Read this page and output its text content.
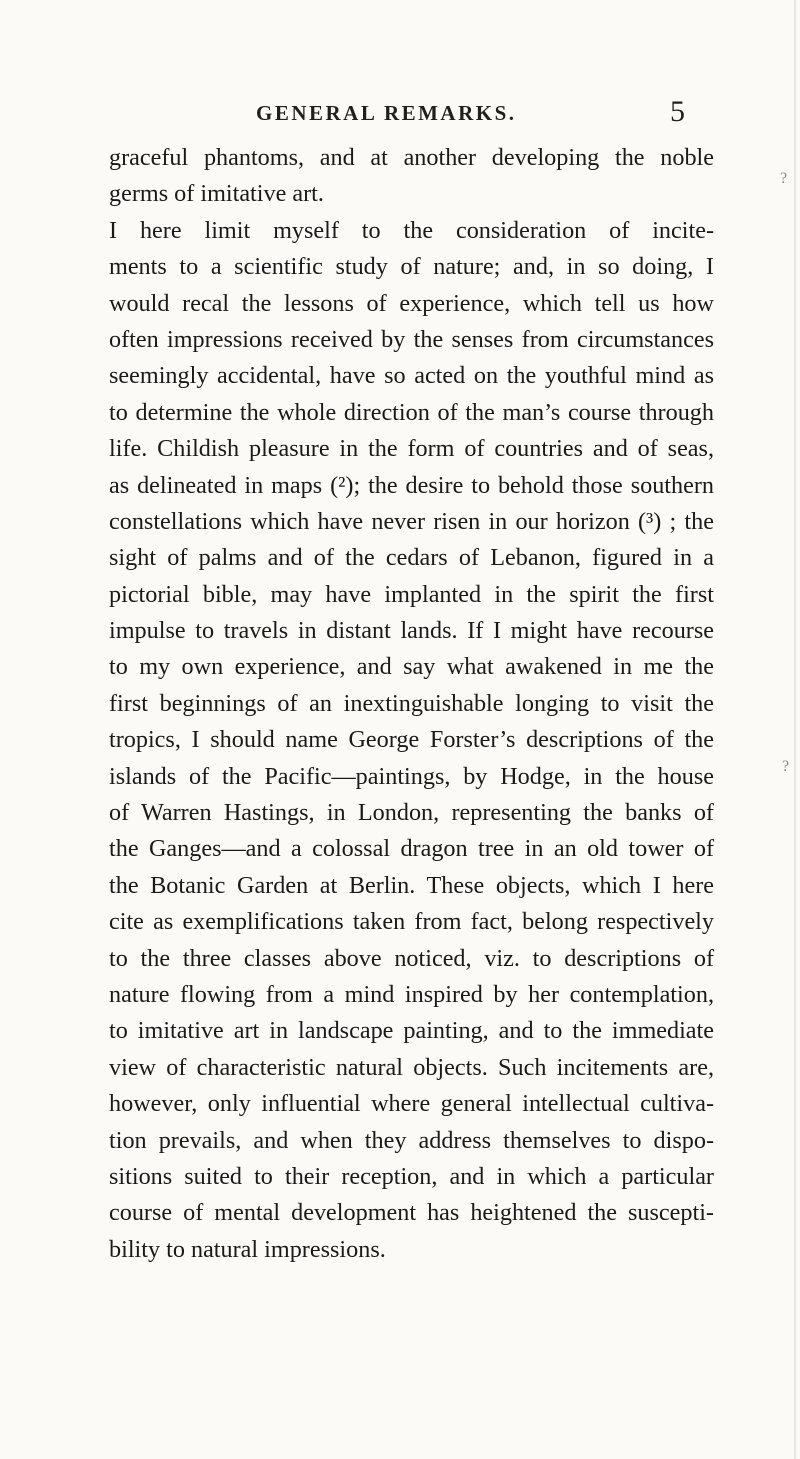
GENERAL REMARKS.	5
?
?
graceful phantoms, and at another developing the noble
germs of imitative art.
I here limit myself to the consideration of incite-
ments to a scientific study of nature; and, in so doing, I
would recal the lessons of experience, which tell us how
often impressions received by the senses from circumstances
seemingly accidental, have so acted on the youthful mind as
to determine the whole direction of the man’s course through
life. Childish pleasure in the form of countries and of seas,
as delineated in maps (²); the desire to behold those southern
constellations which have never risen in our horizon (³) ; the
sight of palms and of the cedars of Lebanon, figured in a
pictorial bible, may have implanted in the spirit the first
impulse to travels in distant lands. If I might have recourse
to my own experience, and say what awakened in me the
first beginnings of an inextinguishable longing to visit the
tropics, I should name George Forster’s descriptions of the
islands of the Pacific—paintings, by Hodge, in the house
of Warren Hastings, in London, representing the banks of
the Ganges—and a colossal dragon tree in an old tower of
the Botanic Garden at Berlin. These objects, which I here
cite as exemplifications taken from fact, belong respectively
to the three classes above noticed, viz. to descriptions of
nature flowing from a mind inspired by her contemplation,
to imitative art in landscape painting, and to the immediate
view of characteristic natural objects. Such incitements are,
however, only influential where general intellectual cultiva-
tion prevails, and when they address themselves to dispo-
sitions suited to their reception, and in which a particular
course of mental development has heightened the suscepti-
bility to natural impressions.
